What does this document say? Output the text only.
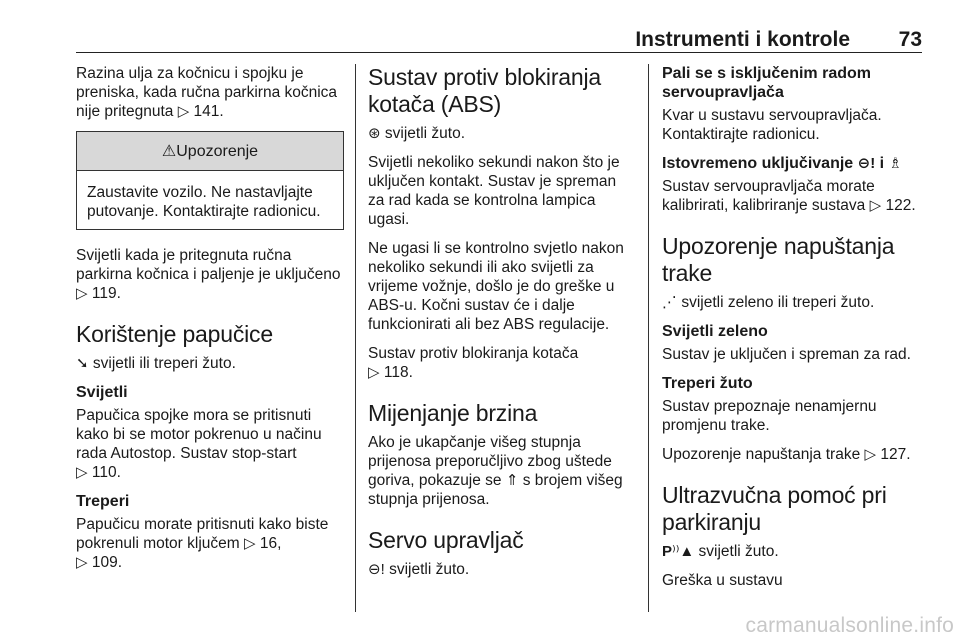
Instrumenti i kontrole 73

Razina ulja za kočnicu i spojku je preniska, kada ručna parkirna kočnica nije pritegnuta ▷ 141.

⚠Upozorenje

Zaustavite vozilo. Ne nastavljajte putovanje. Kontaktirajte radionicu.

Svijetli kada je pritegnuta ručna parkirna kočnica i paljenje je uključeno ▷ 119.

Korištenje papučice

➘ svijetli ili treperi žuto.

Svijetli

Papučica spojke mora se pritisnuti kako bi se motor pokrenuo u načinu rada Autostop. Sustav stop-start
▷ 110.

Treperi

Papučicu morate pritisnuti kako biste pokrenuli motor ključem ▷ 16,
▷ 109.

Sustav protiv blokiranja kotača (ABS)

⊛ svijetli žuto.

Svijetli nekoliko sekundi nakon što je uključen kontakt. Sustav je spreman za rad kada se kontrolna lampica ugasi.

Ne ugasi li se kontrolno svjetlo nakon nekoliko sekundi ili ako svijetli za vrijeme vožnje, došlo je do greške u ABS-u. Kočni sustav će i dalje funkcionirati ali bez ABS regulacije.

Sustav protiv blokiranja kotača
▷ 118.

Mijenjanje brzina

Ako je ukapčanje višeg stupnja prijenosa preporučljivo zbog uštede goriva, pokazuje se ⇑ s brojem višeg stupnja prijenosa.

Servo upravljač

⊖! svijetli žuto.

Pali se s isključenim radom servoupravljača

Kvar u sustavu servoupravljača. Kontaktirajte radionicu.

Istovremeno uključivanje ⊖! i ♗

Sustav servoupravljača morate kalibrirati, kalibriranje sustava ▷ 122.

Upozorenje napuštanja trake

⋰ svijetli zeleno ili treperi žuto.

Svijetli zeleno

Sustav je uključen i spreman za rad.

Treperi žuto

Sustav prepoznaje nenamjernu promjenu trake.

Upozorenje napuštanja trake ▷ 127.

Ultrazvučna pomoć pri parkiranju

P⁾⁾▲ svijetli žuto.

Greška u sustavu

carmanualsonline.info
